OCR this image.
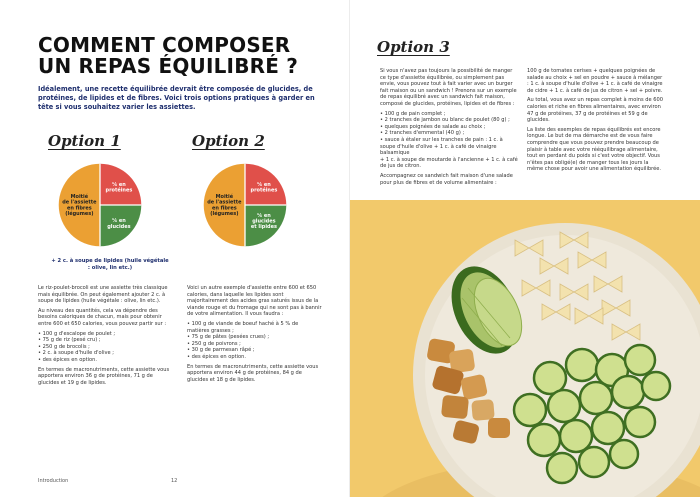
COMMENT COMPOSER
UN REPAS ÉQUILIBRÉ ?
Idéalement, une recette équilibrée devrait être composée de glucides, de protéines, de lipides et de fibres. Voici trois options pratiques à garder en tête si vous souhaitez varier les assiettes.
Option 1	Option 2
Moitié de l'assiette en fibres (légumes)
¼ en protéines
¼ en glucides
Moitié de l'assiette en fibres (légumes)
¼ en protéines
¼ en glucides et lipides
+ 2 c. à soupe de lipides (huile végétale : olive, lin etc.)

Le riz-poulet-brocoli est une assiette très classique mais équilibrée. On peut également ajouter 2 c. à soupe de lipides (huile végétale : olive, lin etc.).

Au niveau des quantités, cela va dépendre des besoins caloriques de chacun, mais pour obtenir entre 600 et 650 calories, vous pouvez partir sur :

• 100 g d'escalope de poulet ;
• 75 g de riz (pesé cru) ;
• 250 g de brocolis ;
• 2 c. à soupe d'huile d'olive ;

• des épices en option.

En termes de macronutriments, cette assiette vous apportera environ 36 g de protéines, 71 g de glucides et 19 g de lipides.

Voici un autre exemple d'assiette entre 600 et 650 calories, dans laquelle les lipides sont majoritairement des acides gras saturés issus de la viande rouge et du fromage qui ne sont pas à bannir de votre alimentation. Il vous faudra :

• 100 g de viande de boeuf haché à 5 % de matières grasses ;
• 75 g de pâtes (pesées crues) ;
• 250 g de poivrons ;
• 30 g de parmesan râpé ;

• des épices en option.

En termes de macronutriments, cette assiette vous apportera environ 44 g de protéines, 84 g de glucides et 18 g de lipides.

Introduction	12
Option 3

Si vous n'avez pas toujours la possibilité de manger ce type d'assiette équilibrée, ou simplement pas envie, vous pouvez tout à fait varier avec un burger fait maison ou un sandwich ! Prenons sur un exemple de repas équilibré avec un sandwich fait maison, composé de glucides, protéines, lipides et de fibres :

• 100 g de pain complet ;
• 2 tranches de jambon ou blanc de poulet (80 g) ;
• quelques poignées de salade au choix ;
• 2 tranches d'emmental (40 g) ;
• sauce à étaler sur les tranches de pain : 1 c. à soupe d'huile d'olive + 1 c. à café de vinaigre balsamique

+ 1 c. à soupe de moutarde à l'ancienne + 1 c. à café de jus de citron.

Accompagnez ce sandwich fait maison d'une salade pour plus de fibres et de volume alimentaire :

100 g de tomates cerises + quelques poignées de salade au choix + sel en poudre + sauce à mélanger : 1 c. à soupe d'huile d'olive + 1 c. à café de vinaigre de cidre + 1 c. à café de jus de citron + sel + poivre.

Au total, vous avez un repas complet à moins de 600 calories et riche en fibres alimentaires, avec environ 47 g de protéines, 37 g de protéines et 59 g de glucides.

La liste des exemples de repas équilibrés est encore longue. Le but de ma démarche est de vous faire comprendre que vous pouvez prendre beaucoup de plaisir à table avec votre rééquilibrage alimentaire, tout en perdant du poids si c'est votre objectif. Vous n'êtes pas obligé(e) de manger tous les jours la même chose pour avoir une alimentation équilibrée.
